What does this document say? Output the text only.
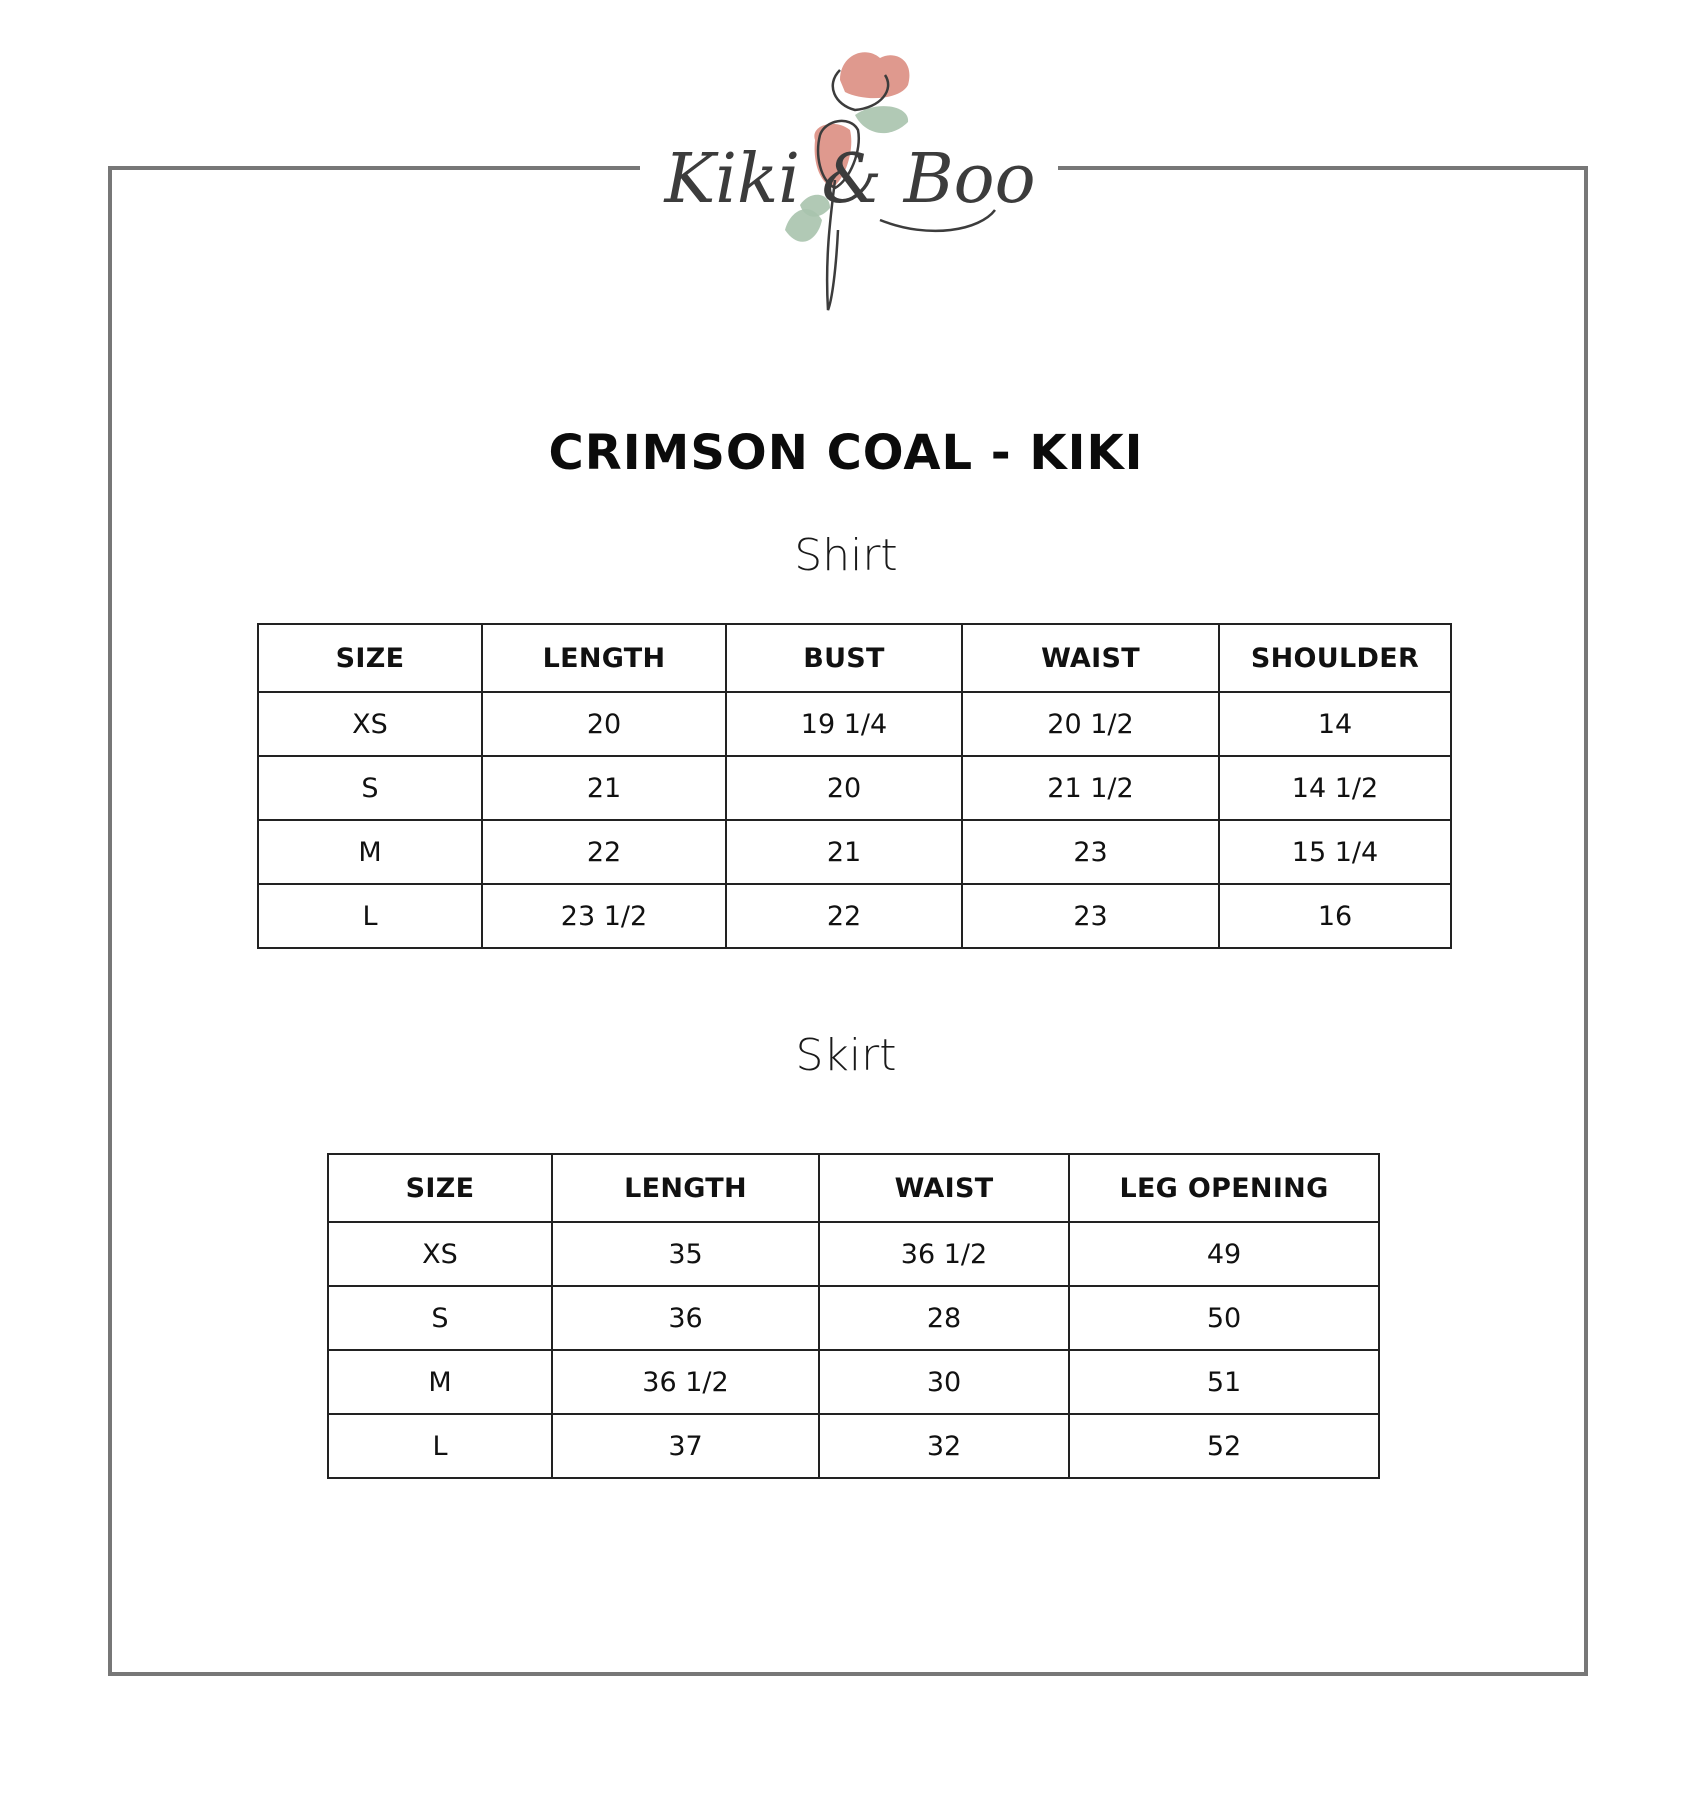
Kiki & Boo
CRIMSON COAL - KIKI
Shirt
SIZE	LENGTH	BUST	WAIST	SHOULDER
XS	20	19 1/4	20 1/2	14
S	21	20	21 1/2	14 1/2
M	22	21	23	15 1/4
L	23 1/2	22	23	16
Skirt
SIZE	LENGTH	WAIST	LEG OPENING
XS	35	36 1/2	49
S	36	28	50
M	36 1/2	30	51
L	37	32	52
